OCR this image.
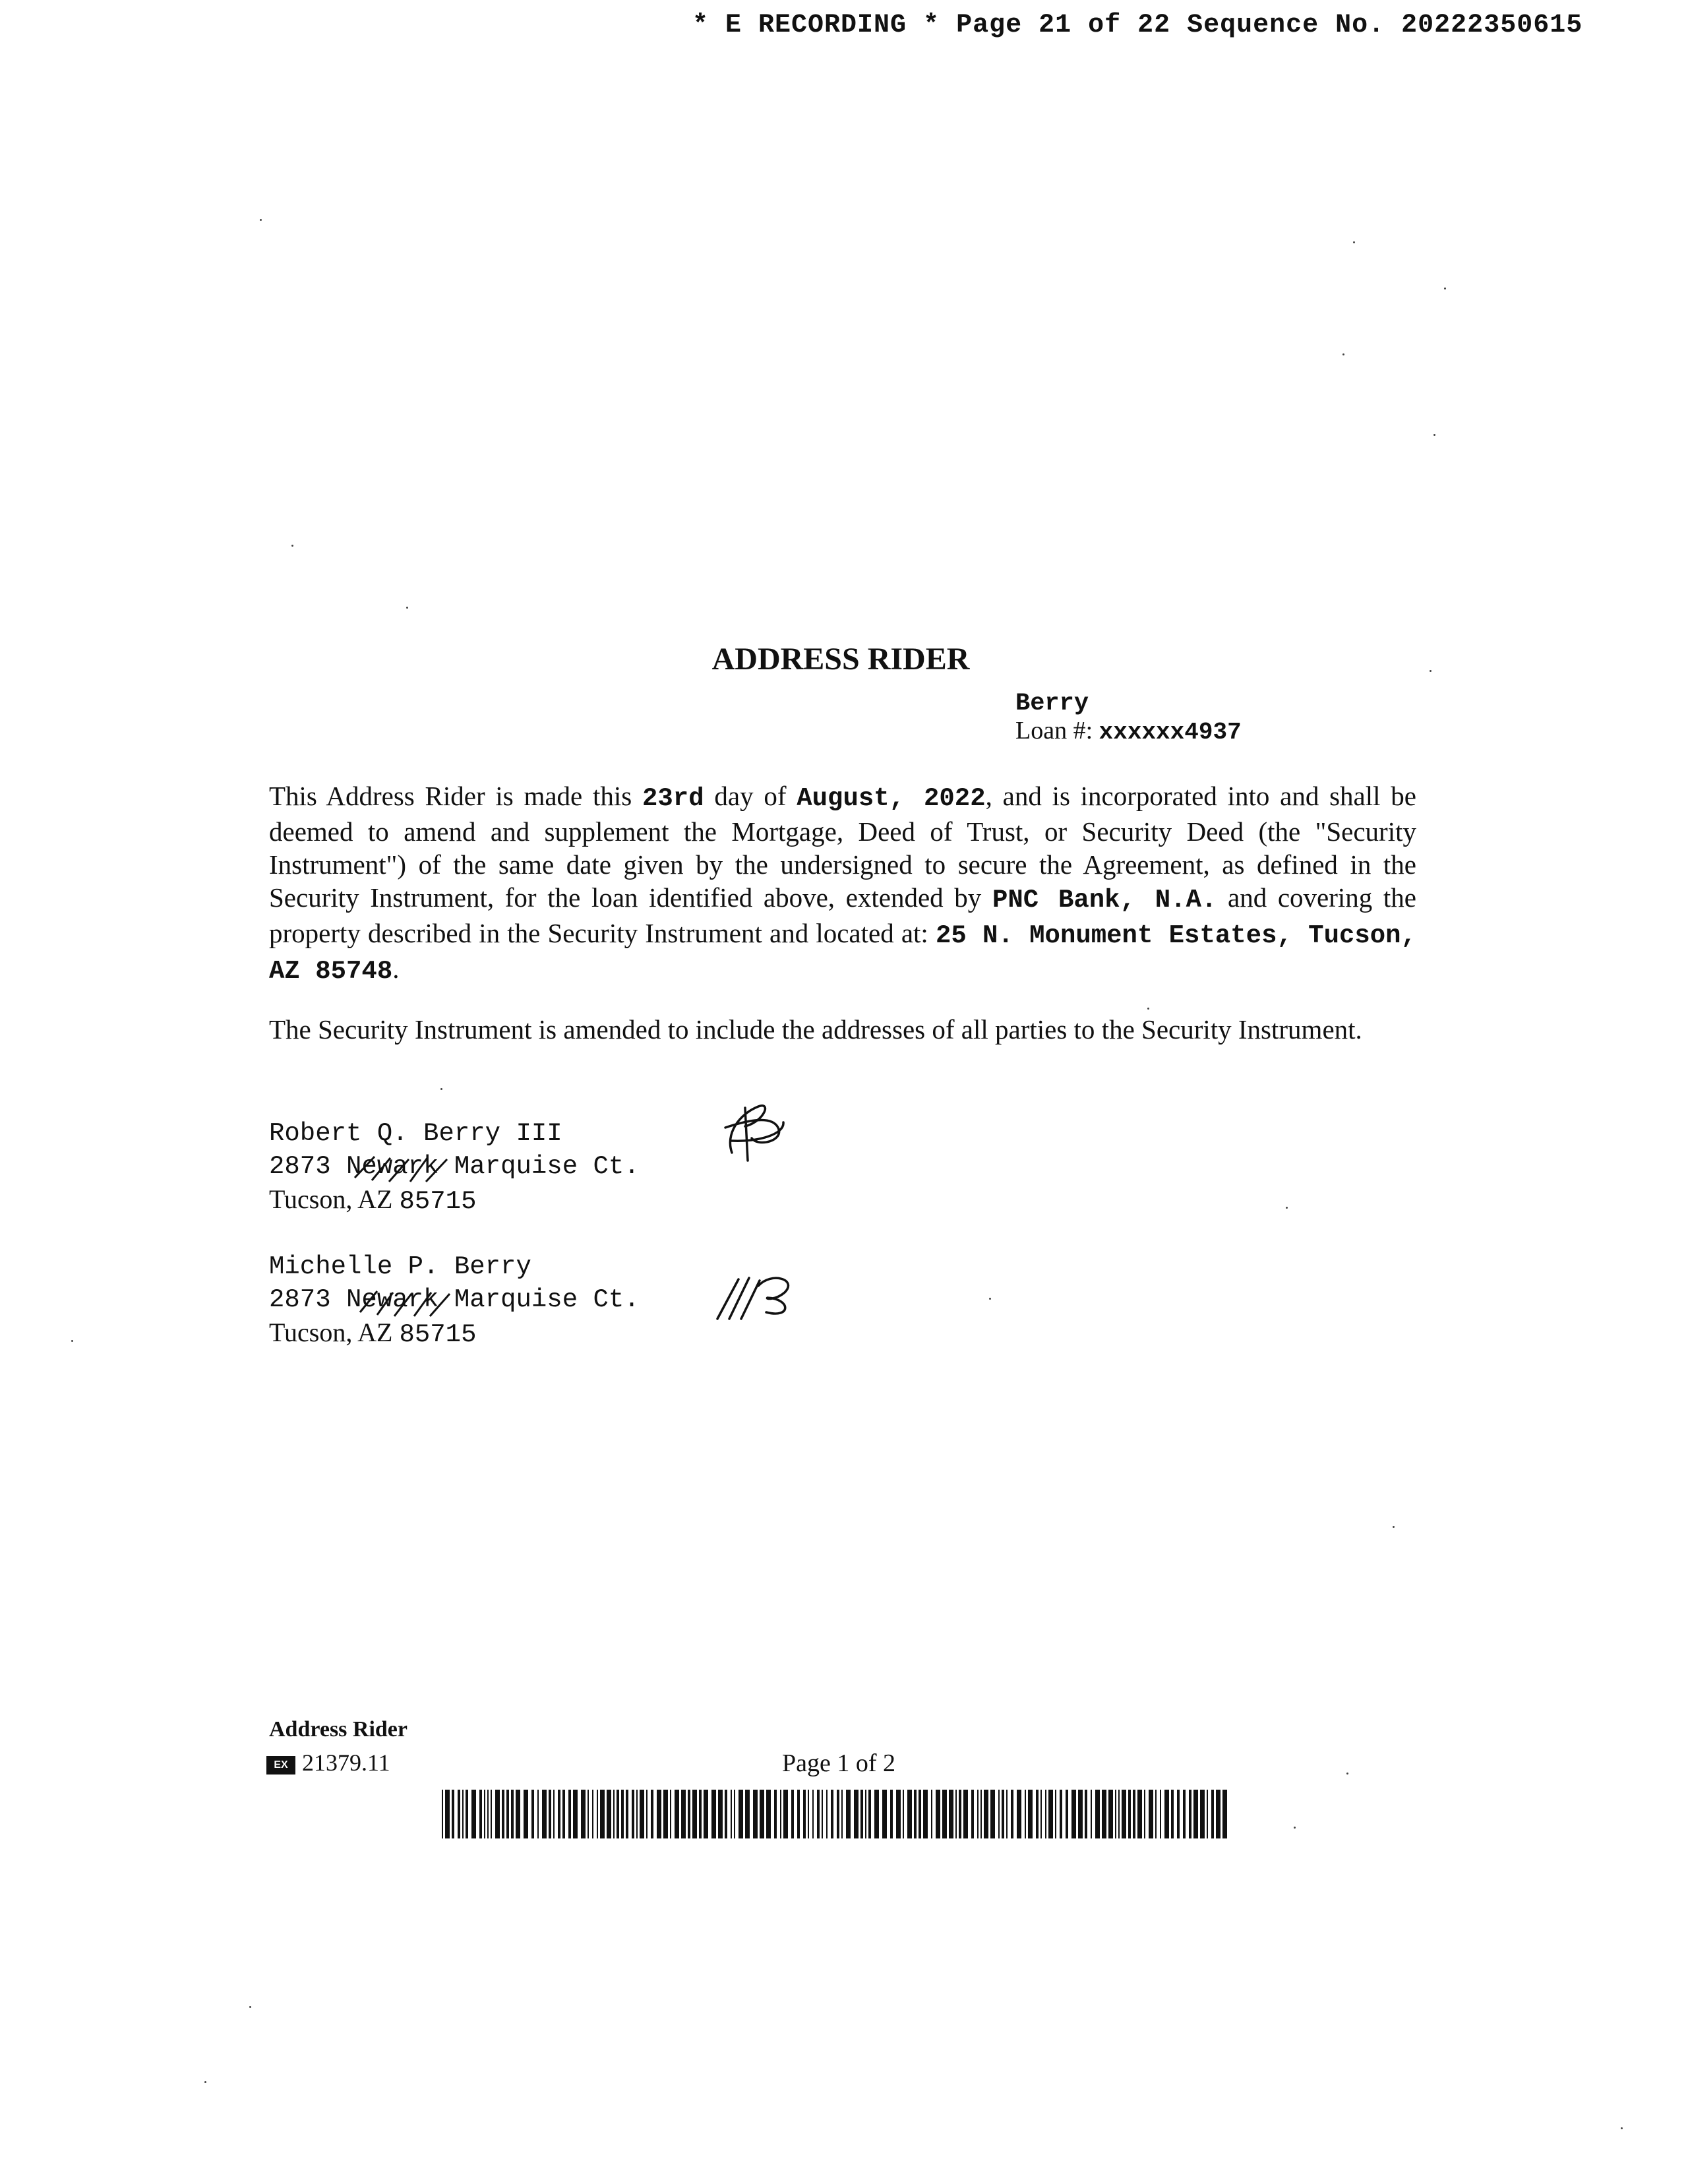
* E RECORDING * Page 21 of 22 Sequence No. 20222350615
ADDRESS RIDER
Berry
Loan #: xxxxxx4937
This Address Rider is made this 23rd day of August, 2022, and is incorporated into and shall be deemed to amend and supplement the Mortgage, Deed of Trust, or Security Deed (the "Security Instrument") of the same date given by the undersigned to secure the Agreement, as defined in the Security Instrument, for the loan identified above, extended by PNC Bank, N.A. and covering the property described in the Security Instrument and located at: 25 N. Monument Estates, Tucson, AZ 85748.
The Security Instrument is amended to include the addresses of all parties to the Security Instrument.
Robert Q. Berry III
2873 Newark Marquise Ct.
Tucson, AZ 85715
Michelle P. Berry
2873 Newark Marquise Ct.
Tucson, AZ 85715
Address Rider
EX 21379.11	Page 1 of 2
